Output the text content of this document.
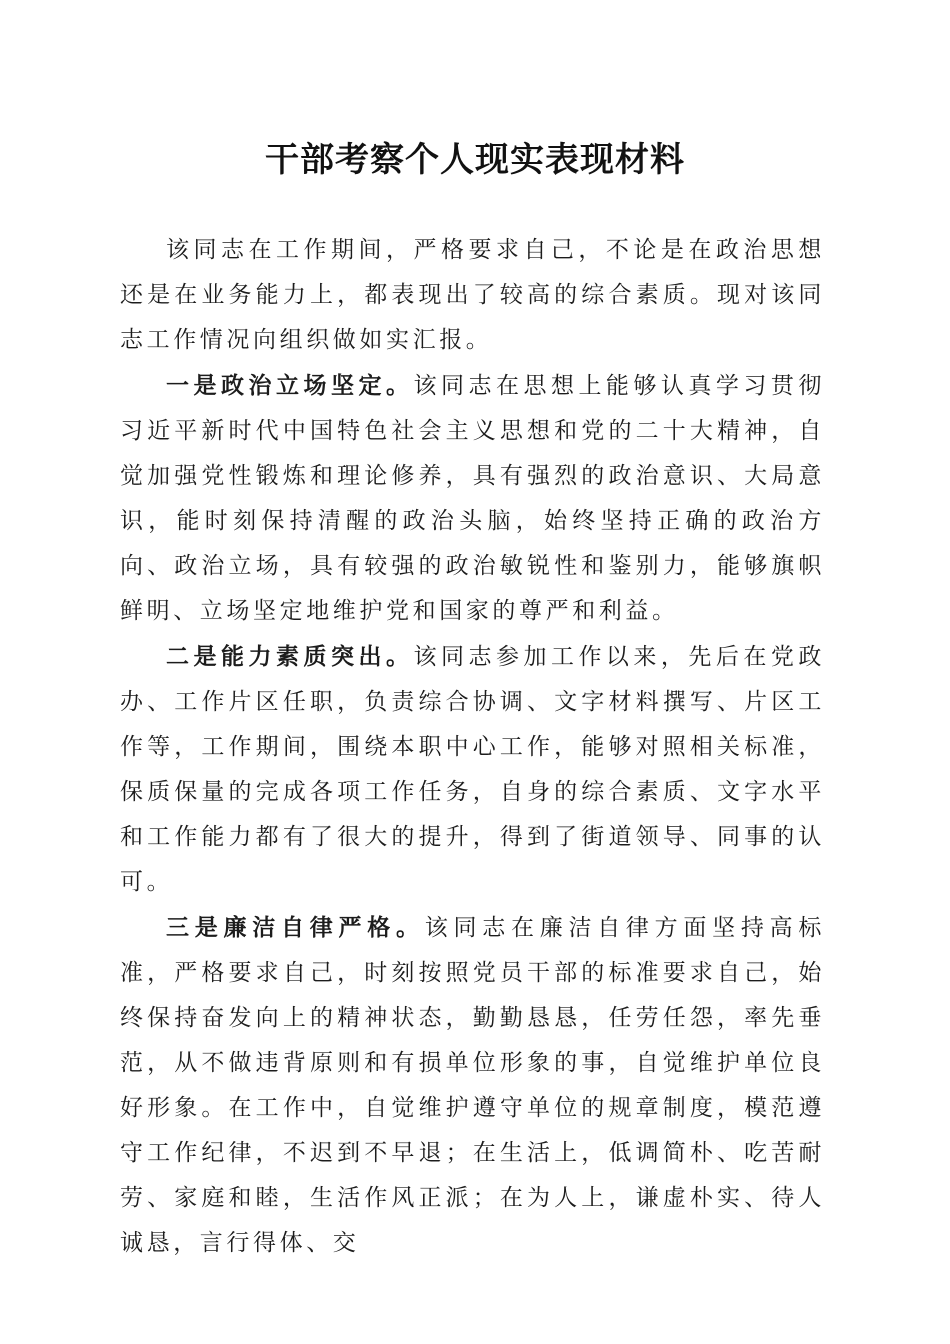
干部考察个人现实表现材料

该同志在工作期间，严格要求自己，不论是在政治思想还是在业务能力上，都表现出了较高的综合素质。现对该同志工作情况向组织做如实汇报。

一是政治立场坚定。该同志在思想上能够认真学习贯彻习近平新时代中国特色社会主义思想和党的二十大精神，自觉加强党性锻炼和理论修养，具有强烈的政治意识、大局意识，能时刻保持清醒的政治头脑，始终坚持正确的政治方向、政治立场，具有较强的政治敏锐性和鉴别力，能够旗帜鲜明、立场坚定地维护党和国家的尊严和利益。

二是能力素质突出。该同志参加工作以来，先后在党政办、工作片区任职，负责综合协调、文字材料撰写、片区工作等，工作期间，围绕本职中心工作，能够对照相关标准，保质保量的完成各项工作任务，自身的综合素质、文字水平和工作能力都有了很大的提升，得到了街道领导、同事的认可。

三是廉洁自律严格。该同志在廉洁自律方面坚持高标准，严格要求自己，时刻按照党员干部的标准要求自己，始终保持奋发向上的精神状态，勤勤恳恳，任劳任怨，率先垂范，从不做违背原则和有损单位形象的事，自觉维护单位良好形象。在工作中，自觉维护遵守单位的规章制度，模范遵守工作纪律，不迟到不早退；在生活上，低调简朴、吃苦耐劳、家庭和睦，生活作风正派；在为人上，谦虚朴实、待人诚恳，言行得体、交
